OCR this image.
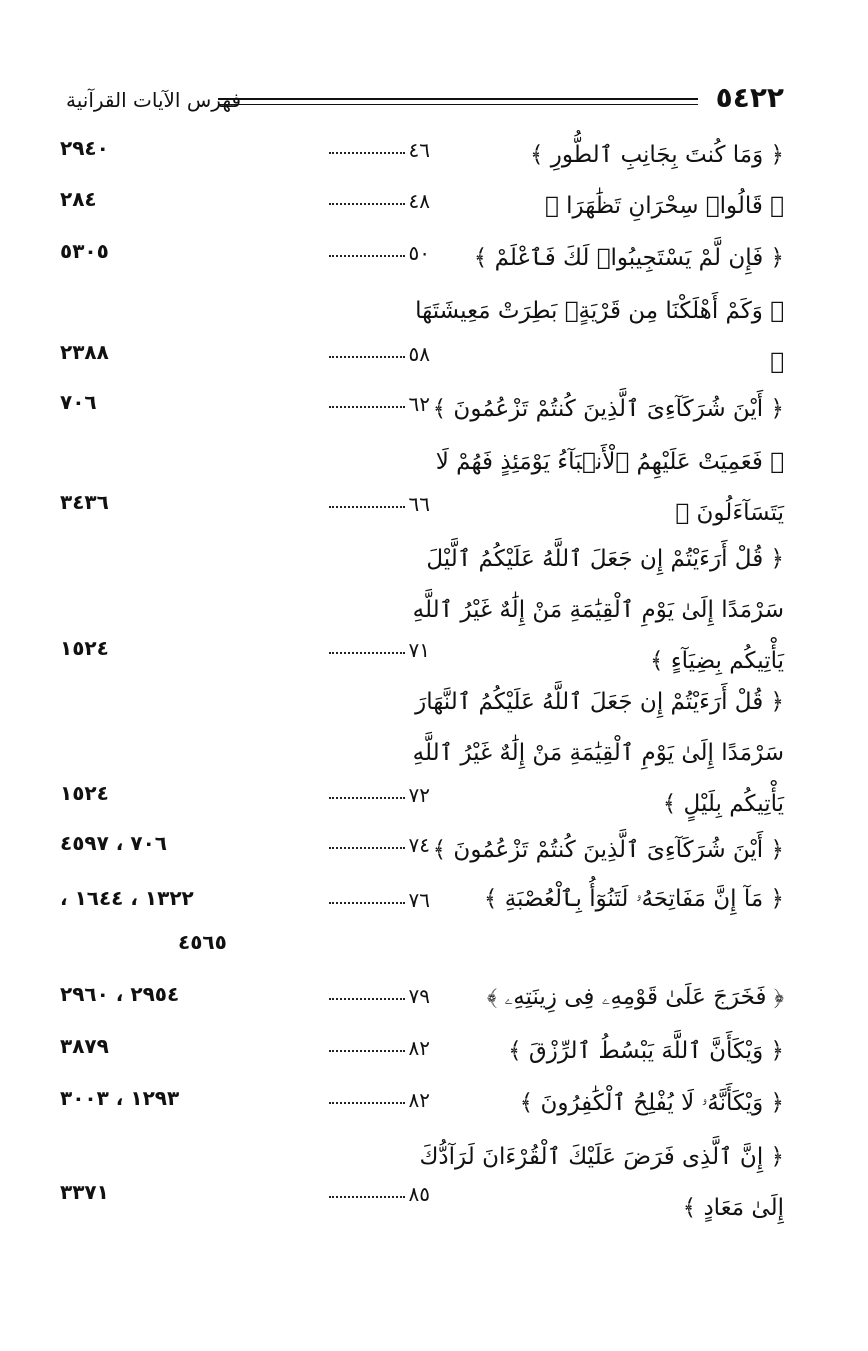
فهرس الآيات القرآنية	٥٤٢٢
﴿ وَمَا كُنتَ بِجَانِبِ ٱلطُّورِ ﴾
٤٦
٢٩٤٠
﴿ قَالُوا۟ سِحْرَانِ تَظَٰهَرَا ﴾
٤٨
٢٨٤
﴿ فَإِن لَّمْ يَسْتَجِيبُوا۟ لَكَ فَٱعْلَمْ ﴾
٥٠
٥٣٠٥
﴿ وَكَمْ أَهْلَكْنَا مِن قَرْيَةٍۭ بَطِرَتْ مَعِيشَتَهَا ﴾
٥٨
٢٣٨٨
﴿ أَيْنَ شُرَكَآءِىَ ٱلَّذِينَ كُنتُمْ تَزْعُمُونَ ﴾
٦٢
٧٠٦
﴿ فَعَمِيَتْ عَلَيْهِمُ ٱلْأَنۢبَآءُ يَوْمَئِذٍ فَهُمْ لَا يَتَسَآءَلُونَ ﴾
٦٦
٣٤٣٦
﴿ قُلْ أَرَءَيْتُمْ إِن جَعَلَ ٱللَّهُ عَلَيْكُمُ ٱلَّيْلَ سَرْمَدًا إِلَىٰ يَوْمِ ٱلْقِيَٰمَةِ مَنْ إِلَٰهٌ غَيْرُ ٱللَّهِ يَأْتِيكُم بِضِيَآءٍ ﴾
٧١
١٥٢٤
﴿ قُلْ أَرَءَيْتُمْ إِن جَعَلَ ٱللَّهُ عَلَيْكُمُ ٱلنَّهَارَ سَرْمَدًا إِلَىٰ يَوْمِ ٱلْقِيَٰمَةِ مَنْ إِلَٰهٌ غَيْرُ ٱللَّهِ يَأْتِيكُم بِلَيْلٍ ﴾
٧٢
١٥٢٤
﴿ أَيْنَ شُرَكَآءِىَ ٱلَّذِينَ كُنتُمْ تَزْعُمُونَ ﴾
٧٤
٧٠٦ ، ٤٥٩٧
﴿ مَآ إِنَّ مَفَاتِحَهُۥ لَتَنُوٓأُ بِٱلْعُصْبَةِ ﴾
٧٦
١٣٢٢ ، ١٦٤٤ ،
٤٥٦٥
﴿ فَخَرَجَ عَلَىٰ قَوْمِهِۦ فِى زِينَتِهِۦ ﴾
٧٩
٢٩٥٤ ، ٢٩٦٠
﴿ وَيْكَأَنَّ ٱللَّهَ يَبْسُطُ ٱلرِّزْقَ ﴾
٨٢
٣٨٧٩
﴿ وَيْكَأَنَّهُۥ لَا يُفْلِحُ ٱلْكَٰفِرُونَ ﴾
٨٢
١٢٩٣ ، ٣٠٠٣
﴿ إِنَّ ٱلَّذِى فَرَضَ عَلَيْكَ ٱلْقُرْءَانَ لَرَآدُّكَ إِلَىٰ مَعَادٍ ﴾
٨٥
٣٣٧١
